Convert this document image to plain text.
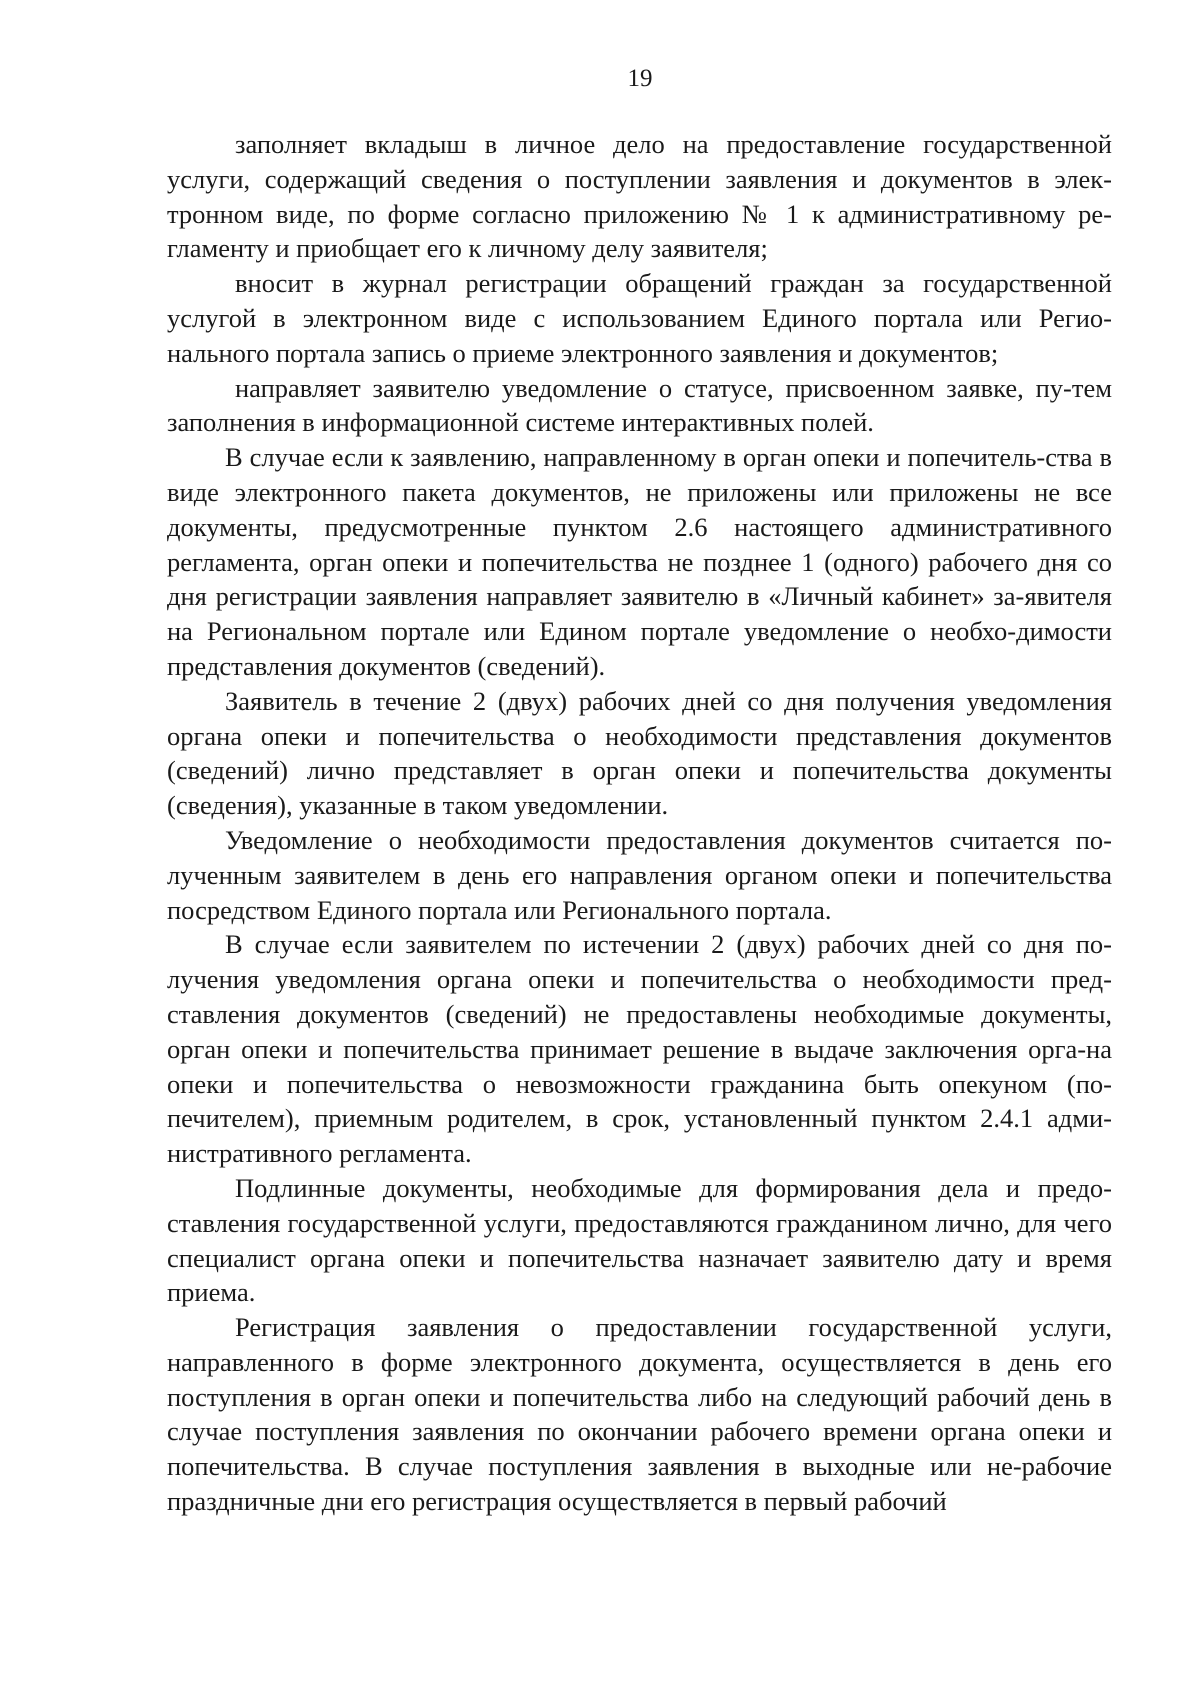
19

заполняет вкладыш в личное дело на предоставление государственной услуги, содержащий сведения о поступлении заявления и документов в элек-тронном виде, по форме согласно приложению № 1 к административному ре-гламенту и приобщает его к личному делу заявителя;

вносит в журнал регистрации обращений граждан за государственной услугой в электронном виде с использованием Единого портала или Регио-нального портала запись о приеме электронного заявления и документов;

направляет заявителю уведомление о статусе, присвоенном заявке, пу-тем заполнения в информационной системе интерактивных полей.

В случае если к заявлению, направленному в орган опеки и попечитель-ства в виде электронного пакета документов, не приложены или приложены не все документы, предусмотренные пунктом 2.6 настоящего административного регламента, орган опеки и попечительства не позднее 1 (одного) рабочего дня со дня регистрации заявления направляет заявителю в «Личный кабинет» за-явителя на Региональном портале или Едином портале уведомление о необхо-димости представления документов (сведений).

Заявитель в течение 2 (двух) рабочих дней со дня получения уведомления органа опеки и попечительства о необходимости представления документов (сведений) лично представляет в орган опеки и попечительства документы (сведения), указанные в таком уведомлении.

Уведомление о необходимости предоставления документов считается по-лученным заявителем в день его направления органом опеки и попечительства посредством Единого портала или Регионального портала.

В случае если заявителем по истечении 2 (двух) рабочих дней со дня по-лучения уведомления органа опеки и попечительства о необходимости пред-ставления документов (сведений) не предоставлены необходимые документы, орган опеки и попечительства принимает решение в выдаче заключения орга-на опеки и попечительства о невозможности гражданина быть опекуном (по-печителем), приемным родителем, в срок, установленный пунктом 2.4.1 адми-нистративного регламента.

Подлинные документы, необходимые для формирования дела и предо-ставления государственной услуги, предоставляются гражданином лично, для чего специалист органа опеки и попечительства назначает заявителю дату и время приема.

Регистрация заявления о предоставлении государственной услуги, направленного в форме электронного документа, осуществляется в день его поступления в орган опеки и попечительства либо на следующий рабочий день в случае поступления заявления по окончании рабочего времени органа опеки и попечительства. В случае поступления заявления в выходные или не-рабочие праздничные дни его регистрация осуществляется в первый рабочий
